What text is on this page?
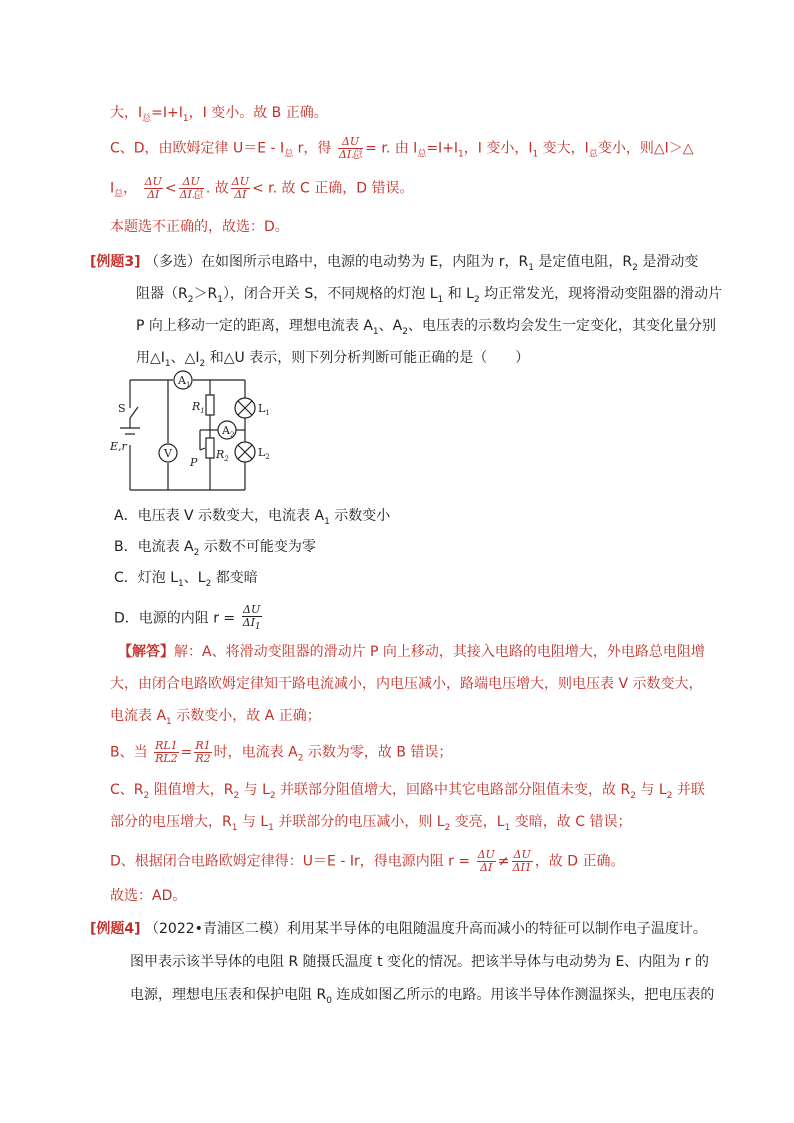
大，$I_总=I+I_1$，I 变小。故 B 正确。
C、D，由欧姆定律 $U=E - I_总$ r，得 $\frac{\Delta U}{\text{ΔI总}} = r$. 由 $I_总=I+I_1$，I 变小，$I_1$ 变大，$I_总$变小，则△I＞△
$I_总$， $\frac{\Delta U}{\Delta I} < \frac{\Delta U}{\text{ΔI总}}$ . 故 $\frac{\Delta U}{\Delta I} < r$. 故 C 正确，D 错误。
本题选不正确的，故选：D。
[例题3] （多选）在如图所示电路中，电源的电动势为 E，内阻为 r，$R_1$ 是定值电阻，$R_2$ 是滑动变
阻器$(R_2>R_1)$，闭合开关 S，不同规格的灯泡 $L_1$ 和 $L_2$ 均正常发光，现将滑动变阻器的滑动片
P 向上移动一定的距离，理想电流表 $A_1$、$A_2$、电压表的示数均会发生一定变化，其变化量分别
用$\triangle I_1$、$\triangle I_2$ 和△U 表示，则下列分析判断可能正确的是（　　）
$A_1$
$A_2$
V
S
E,r
$R_1$
$R_2$
P
$L_1$
$L_2$
A．电压表 V 示数变大，电流表 $A_1$ 示数变小
B．电流表 $A_2$ 示数不可能变为零
C．灯泡 $L_1$、$L_2$ 都变暗
D．电源的内阻 $r = \frac{\Delta U}{\Delta I_1}$
【解答】解：A、将滑动变阻器的滑动片 P 向上移动，其接入电路的电阻增大，外电路总电阻增
大，由闭合电路欧姆定律知干路电流减小，内电压减小，路端电压增大，则电压表 V 示数变大，
电流表 $A_1$ 示数变小，故 A 正确；
B、当 $\frac{RL1}{RL2} = \frac{R1}{R2}$ 时，电流表 $A_2$ 示数为零，故 B 错误；
C、$R_2$ 阻值增大，$R_2$ 与 $L_2$ 并联部分阻值增大，回路中其它电路部分阻值未变，故 $R_2$ 与 $L_2$ 并联
部分的电压增大，$R_1$ 与 $L_1$ 并联部分的电压减小，则 $L_2$ 变亮，$L_1$ 变暗，故 C 错误；
D、根据闭合电路欧姆定律得：U＝E - Ir，得电源内阻 $r = \frac{\Delta U}{\Delta I} \ne \frac{\Delta U}{\Delta I1}$ ，故 D 正确。
故选：AD。
[例题4] （2022•青浦区二模）利用某半导体的电阻随温度升高而减小的特征可以制作电子温度计。
图甲表示该半导体的电阻 R 随摄氏温度 t 变化的情况。把该半导体与电动势为 E、内阻为 r 的
电源，理想电压表和保护电阻 $R_0$ 连成如图乙所示的电路。用该半导体作测温探头，把电压表的
